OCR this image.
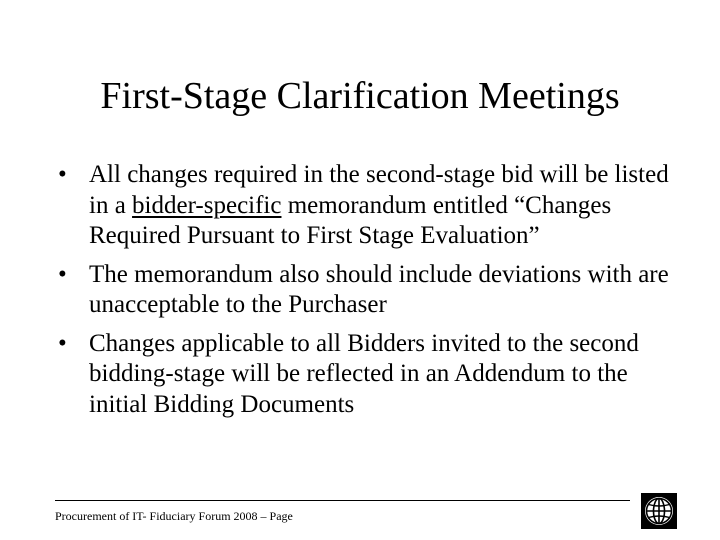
First-Stage Clarification Meetings
• All changes required in the second-stage bid will be listed in a bidder-specific memorandum entitled “Changes Required Pursuant to First Stage Evaluation”
• The memorandum also should include deviations with are unacceptable to the Purchaser
• Changes applicable to all Bidders invited to the second bidding-stage will be reflected in an Addendum to the initial Bidding Documents
Procurement of IT- Fiduciary Forum 2008 – Page
